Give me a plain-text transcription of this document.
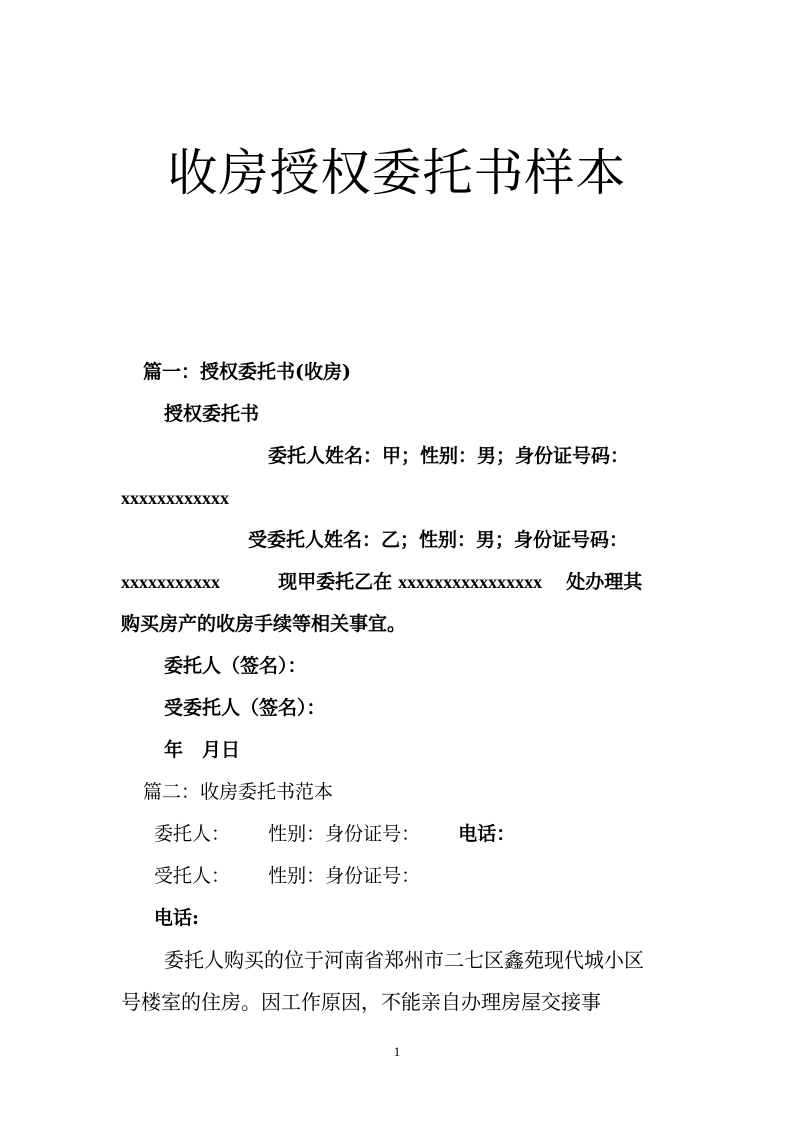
收房授权委托书样本
篇一：授权委托书(收房)
授权委托书
委托人姓名：甲；性别：男；身份证号码：
xxxxxxxxxxxx
受委托人姓名：乙；性别：男；身份证号码：
xxxxxxxxxxx	现甲委托乙在 xxxxxxxxxxxxxxxx 处办理其
购买房产的收房手续等相关事宜。
委托人（签名）：
受委托人（签名）：
年　月日
篇二：收房委托书范本
委托人： 性别：身份证号： 电话：
受托人： 性别：身份证号：
电话:
委托人购买的位于河南省郑州市二七区鑫苑现代城小区
号楼室的住房。因工作原因，不能亲自办理房屋交接事
1
